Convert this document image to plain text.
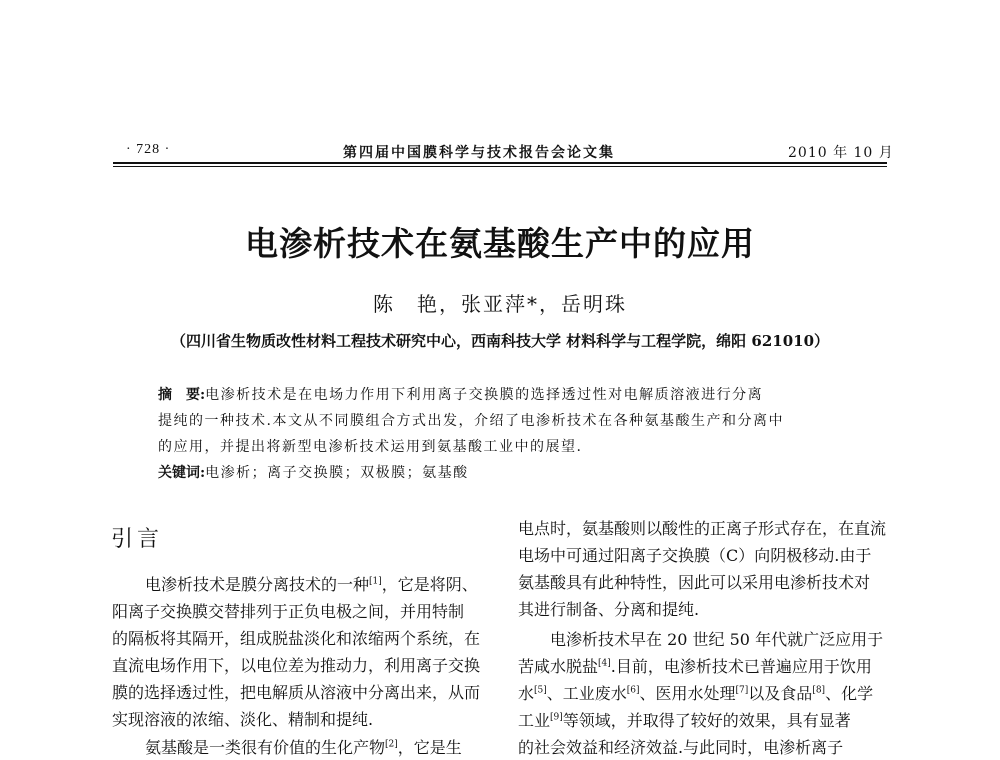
· 728 ·	第四届中国膜科学与技术报告会论文集	2010 年 10 月
电渗析技术在氨基酸生产中的应用
陈　艳，张亚萍*，岳明珠
（四川省生物质改性材料工程技术研究中心，西南科技大学 材料科学与工程学院，绵阳 621010）
摘　要:电渗析技术是在电场力作用下利用离子交换膜的选择透过性对电解质溶液进行分离
提纯的一种技术.本文从不同膜组合方式出发，介绍了电渗析技术在各种氨基酸生产和分离中
的应用，并提出将新型电渗析技术运用到氨基酸工业中的展望.
关键词:电渗析；离子交换膜；双极膜；氨基酸
引言
电渗析技术是膜分离技术的一种[1]，它是将阴、
阳离子交换膜交替排列于正负电极之间，并用特制
的隔板将其隔开，组成脱盐淡化和浓缩两个系统，在
直流电场作用下，以电位差为推动力，利用离子交换
膜的选择透过性，把电解质从溶液中分离出来，从而
实现溶液的浓缩、淡化、精制和提纯.
氨基酸是一类很有价值的生化产物[2]，它是生
电点时，氨基酸则以酸性的正离子形式存在，在直流
电场中可通过阳离子交换膜（C）向阴极移动.由于
氨基酸具有此种特性，因此可以采用电渗析技术对
其进行制备、分离和提纯.
电渗析技术早在 20 世纪 50 年代就广泛应用于
苦咸水脱盐[4].目前，电渗析技术已普遍应用于饮用
水[5]、工业废水[6]、医用水处理[7]以及食品[8]、化学
工业[9]等领域，并取得了较好的效果，具有显著
的社会效益和经济效益.与此同时，电渗析离子
